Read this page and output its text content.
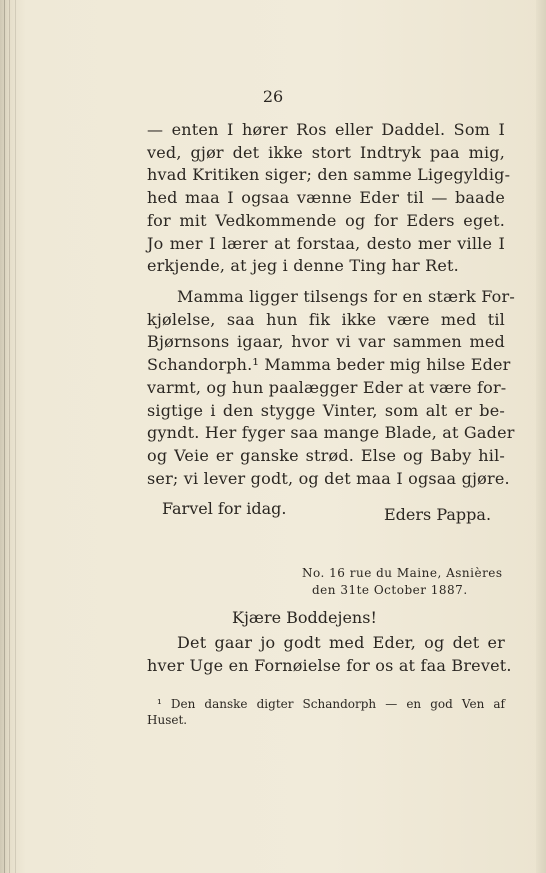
26

— enten I hører Ros eller Daddel. Som I
ved, gjør det ikke stort Indtryk paa mig,
hvad Kritiken siger; den samme Ligegyldig-
hed maa I ogsaa vænne Eder til — baade
for mit Vedkommende og for Eders eget.
Jo mer I lærer at forstaa, desto mer ville I
erkjende, at jeg i denne Ting har Ret.

Mamma ligger tilsengs for en stærk For-
kjølelse, saa hun fik ikke være med til
Bjørnsons igaar, hvor vi var sammen med
Schandorph.¹ Mamma beder mig hilse Eder
varmt, og hun paalægger Eder at være for-
sigtige i den stygge Vinter, som alt er be-
gyndt. Her fyger saa mange Blade, at Gader
og Veie er ganske strød. Else og Baby hil-
ser; vi lever godt, og det maa I ogsaa gjøre.

Farvel for idag.	Eders Pappa.
No. 16 rue du Maine, Asnières
den 31te October 1887.
Kjære Boddejens!

Det gaar jo godt med Eder, og det er
hver Uge en Fornøielse for os at faa Brevet.

¹ Den danske digter Schandorph — en god Ven af
Huset.
